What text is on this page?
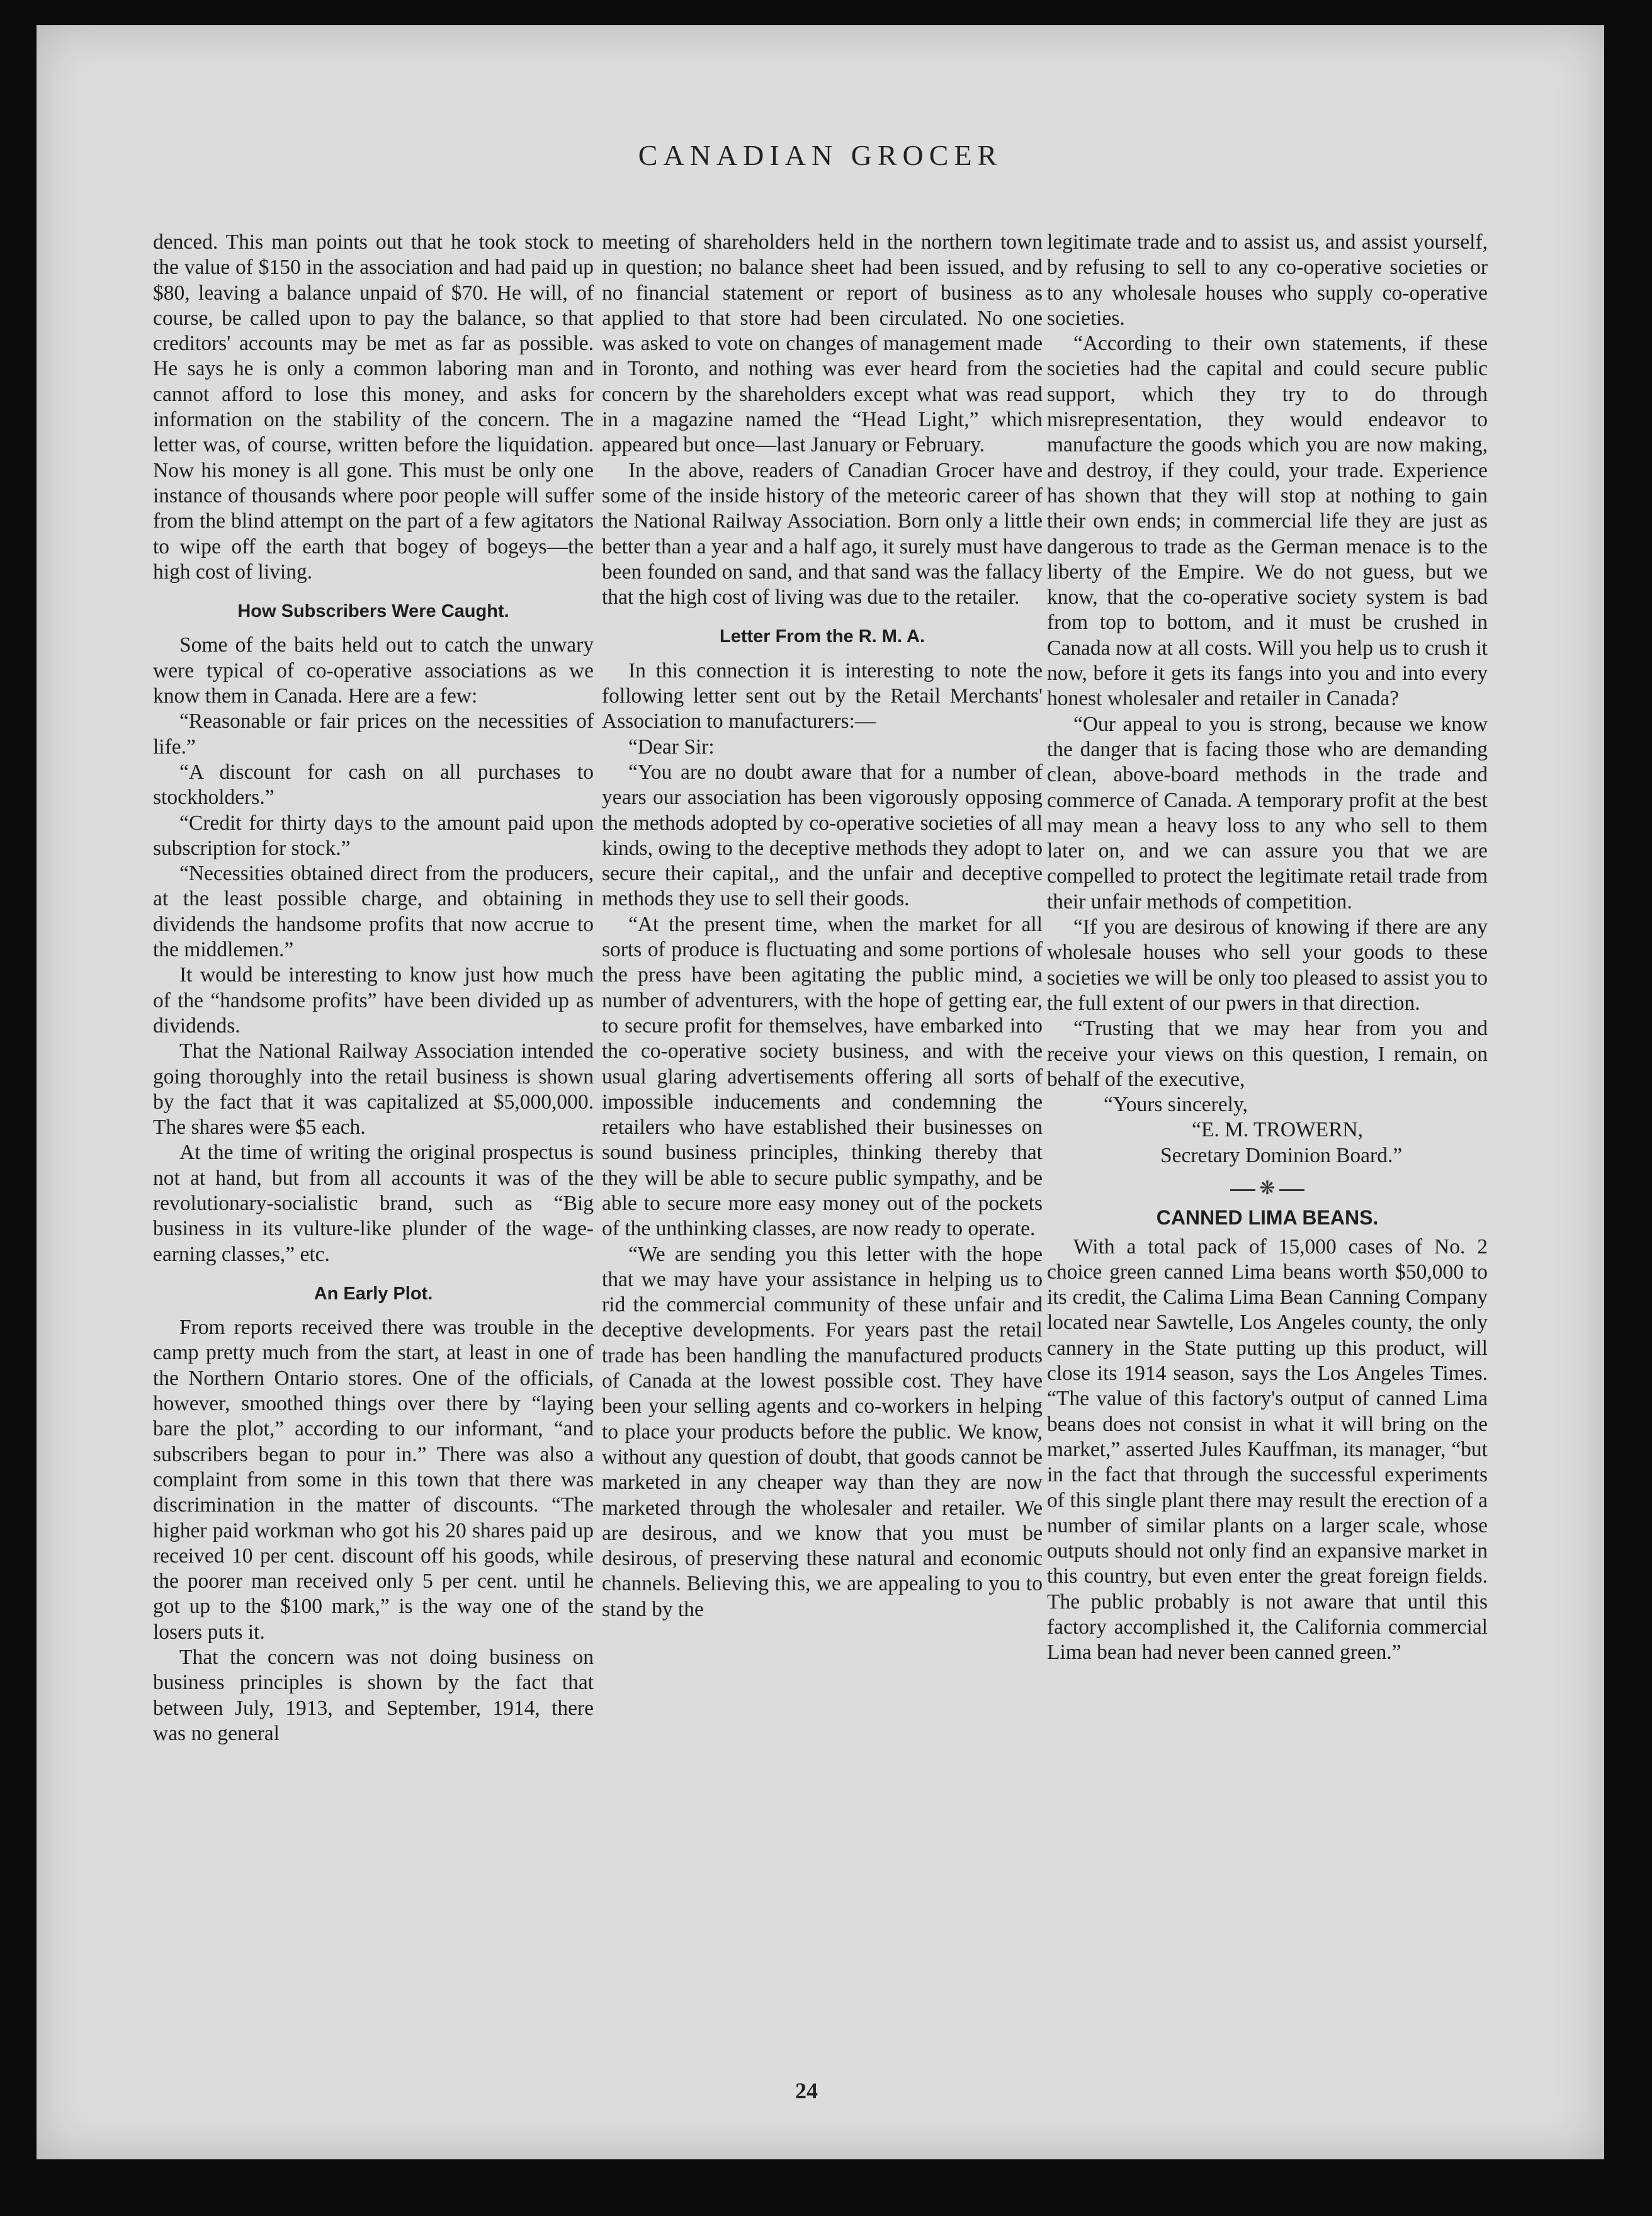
CANADIAN GROCER

denced. This man points out that he took stock to the value of $150 in the association and had paid up $80, leaving a balance unpaid of $70. He will, of course, be called upon to pay the balance, so that creditors' accounts may be met as far as possible. He says he is only a common laboring man and cannot afford to lose this money, and asks for information on the stability of the concern. The letter was, of course, written before the liquidation. Now his money is all gone. This must be only one instance of thousands where poor people will suffer from the blind attempt on the part of a few agitators to wipe off the earth that bogey of bogeys—the high cost of living.

How Subscribers Were Caught.

Some of the baits held out to catch the unwary were typical of co-operative associations as we know them in Canada. Here are a few:

“Reasonable or fair prices on the necessities of life.”

“A discount for cash on all purchases to stockholders.”

“Credit for thirty days to the amount paid upon subscription for stock.”

“Necessities obtained direct from the producers, at the least possible charge, and obtaining in dividends the handsome profits that now accrue to the middlemen.”

It would be interesting to know just how much of the “handsome profits” have been divided up as dividends.

That the National Railway Association intended going thoroughly into the retail business is shown by the fact that it was capitalized at $5,000,000. The shares were $5 each.

At the time of writing the original prospectus is not at hand, but from all accounts it was of the revolutionary-socialistic brand, such as “Big business in its vulture-like plunder of the wage-earning classes,” etc.

An Early Plot.

From reports received there was trouble in the camp pretty much from the start, at least in one of the Northern Ontario stores. One of the officials, however, smoothed things over there by “laying bare the plot,” according to our informant, “and subscribers began to pour in.” There was also a complaint from some in this town that there was discrimination in the matter of discounts. “The higher paid workman who got his 20 shares paid up received 10 per cent. discount off his goods, while the poorer man received only 5 per cent. until he got up to the $100 mark,” is the way one of the losers puts it.

That the concern was not doing business on business principles is shown by the fact that between July, 1913, and September, 1914, there was no general

meeting of shareholders held in the northern town in question; no balance sheet had been issued, and no financial statement or report of business as applied to that store had been circulated. No one was asked to vote on changes of management made in Toronto, and nothing was ever heard from the concern by the shareholders except what was read in a magazine named the “Head Light,” which appeared but once—last January or February.

In the above, readers of Canadian Grocer have some of the inside history of the meteoric career of the National Railway Association. Born only a little better than a year and a half ago, it surely must have been founded on sand, and that sand was the fallacy that the high cost of living was due to the retailer.

Letter From the R. M. A.

In this connection it is interesting to note the following letter sent out by the Retail Merchants' Association to manufacturers:—

“Dear Sir:

“You are no doubt aware that for a number of years our association has been vigorously opposing the methods adopted by co-operative societies of all kinds, owing to the deceptive methods they adopt to secure their capital,, and the unfair and deceptive methods they use to sell their goods.

“At the present time, when the market for all sorts of produce is fluctuating and some portions of the press have been agitating the public mind, a number of adventurers, with the hope of getting ear, to secure profit for themselves, have embarked into the co-operative society business, and with the usual glaring advertisements offering all sorts of impossible inducements and condemning the retailers who have established their businesses on sound business principles, thinking thereby that they will be able to secure public sympathy, and be able to secure more easy money out of the pockets of the unthinking classes, are now ready to operate.

“We are sending you this letter with the hope that we may have your assistance in helping us to rid the commercial community of these unfair and deceptive developments. For years past the retail trade has been handling the manufactured products of Canada at the lowest possible cost. They have been your selling agents and co-workers in helping to place your products before the public. We know, without any question of doubt, that goods cannot be marketed in any cheaper way than they are now marketed through the wholesaler and retailer. We are desirous, and we know that you must be desirous, of preserving these natural and economic channels. Believing this, we are appealing to you to stand by the

legitimate trade and to assist us, and assist yourself, by refusing to sell to any co-operative societies or to any wholesale houses who supply co-operative societies.

“According to their own statements, if these societies had the capital and could secure public support, which they try to do through misrepresentation, they would endeavor to manufacture the goods which you are now making, and destroy, if they could, your trade. Experience has shown that they will stop at nothing to gain their own ends; in commercial life they are just as dangerous to trade as the German menace is to the liberty of the Empire. We do not guess, but we know, that the co-operative society system is bad from top to bottom, and it must be crushed in Canada now at all costs. Will you help us to crush it now, before it gets its fangs into you and into every honest wholesaler and retailer in Canada?

“Our appeal to you is strong, because we know the danger that is facing those who are demanding clean, above-board methods in the trade and commerce of Canada. A temporary profit at the best may mean a heavy loss to any who sell to them later on, and we can assure you that we are compelled to protect the legitimate retail trade from their unfair methods of competition.

“If you are desirous of knowing if there are any wholesale houses who sell your goods to these societies we will be only too pleased to assist you to the full extent of our pwers in that direction.

“Trusting that we may hear from you and receive your views on this question, I remain, on behalf of the executive,

“Yours sincerely,

“E. M. TROWERN,

Secretary Dominion Board.”

❋
CANNED LIMA BEANS.

With a total pack of 15,000 cases of No. 2 choice green canned Lima beans worth $50,000 to its credit, the Calima Lima Bean Canning Company located near Sawtelle, Los Angeles county, the only cannery in the State putting up this product, will close its 1914 season, says the Los Angeles Times. “The value of this factory's output of canned Lima beans does not consist in what it will bring on the market,” asserted Jules Kauffman, its manager, “but in the fact that through the successful experiments of this single plant there may result the erection of a number of similar plants on a larger scale, whose outputs should not only find an expansive market in this country, but even enter the great foreign fields. The public probably is not aware that until this factory accomplished it, the California commercial Lima bean had never been canned green.”

24
